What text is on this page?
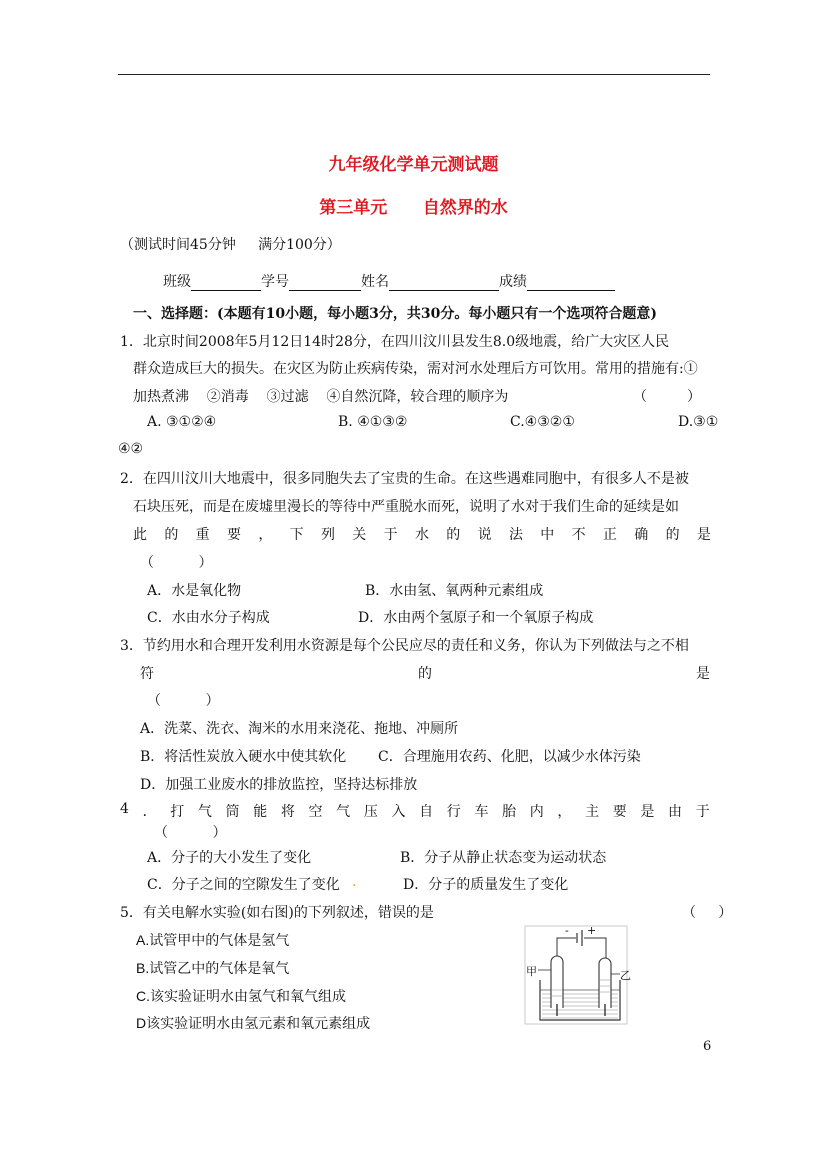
九年级化学单元测试题
第三单元      自然界的水
（测试时间45分钟     满分100分）
班级	学号	姓名	成绩
一、选择题：(本题有10小题，每小题3分，共30分。每小题只有一个选项符合题意)
1．北京时间2008年5月12日14时28分，在四川汶川县发生8.0级地震，给广大灾区人民
群众造成巨大的损失。在灾区为防止疾病传染，需对河水处理后方可饮用。常用的措施有:①
加热煮沸    ②消毒    ③过滤    ④自然沉降，较合理的顺序为	（         ）
A. ③①②④	B. ④①③②	C.④③②①	D.③①
④②
2．在四川汶川大地震中，很多同胞失去了宝贵的生命。在这些遇难同胞中，有很多人不是被
石块压死，而是在废墟里漫长的等待中严重脱水而死，说明了水对于我们生命的延续是如
此 的 重 要 ， 下 列 关 于 水 的 说 法 中 不 正 确 的 是
（          ）
A．水是氧化物	B．水由氢、氧两种元素组成
C．水由水分子构成	D．水由两个氢原子和一个氧原子构成
3．节约用水和合理开发利用水资源是每个公民应尽的责任和义务，你认为下列做法与之不相
符	的	是
（          ）
A．洗菜、洗衣、淘米的水用来浇花、拖地、冲厕所
B．将活性炭放入硬水中使其软化 C．合理施用农药、化肥，以减少水体污染
D．加强工业废水的排放监控，坚持达标排放
4 ． 打 气 筒 能 将 空 气 压 入 自 行 车 胎 内 ， 主 要 是 由 于
（          ）
A．分子的大小发生了变化	B．分子从静止状态变为运动状态
C．分子之间的空隙发生了变化 .	D．分子的质量发生了变化
5．有关电解水实验(如右图)的下列叙述，错误的是	（     ）
A.试管甲中的气体是氢气
B.试管乙中的气体是氧气
C.该实验证明水由氢气和氧气组成
D该实验证明水由氢元素和氧元素组成
甲	乙
- +
6
